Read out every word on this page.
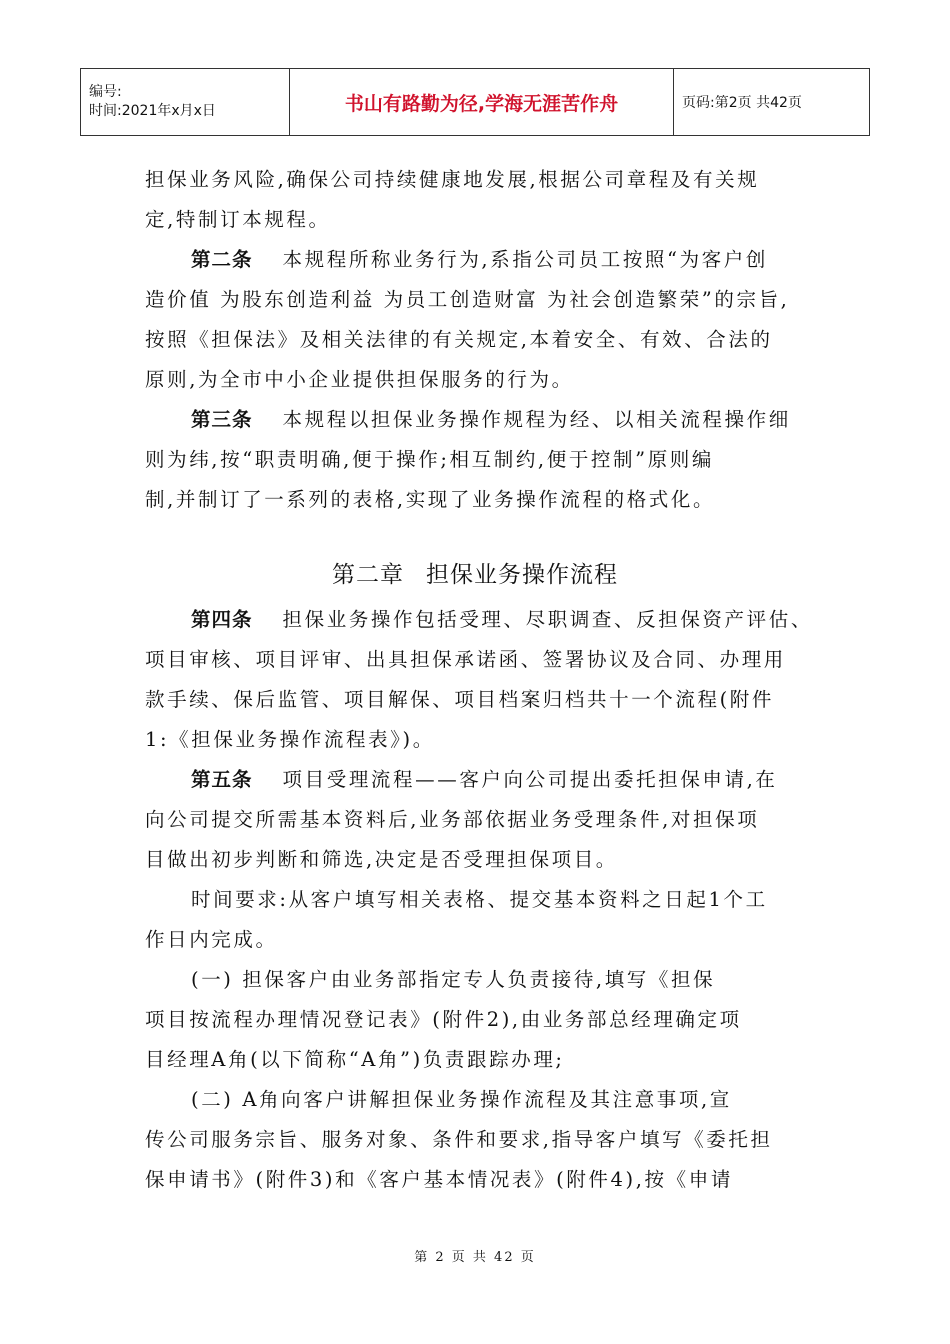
编号:
时间:2021年x月x日	书山有路勤为径,学海无涯苦作舟	页码:第2页 共42页

担保业务风险,确保公司持续健康地发展,根据公司章程及有关规

定,特制订本规程。

第二条 本规程所称业务行为,系指公司员工按照“为客户创

造价值 为股东创造利益 为员工创造财富 为社会创造繁荣”的宗旨,

按照《担保法》及相关法律的有关规定,本着安全、有效、合法的

原则,为全市中小企业提供担保服务的行为。

第三条 本规程以担保业务操作规程为经、以相关流程操作细

则为纬,按“职责明确,便于操作;相互制约,便于控制”原则编

制,并制订了一系列的表格,实现了业务操作流程的格式化。

第二章 担保业务操作流程

第四条 担保业务操作包括受理、尽职调查、反担保资产评估、

项目审核、项目评审、出具担保承诺函、签署协议及合同、办理用

款手续、保后监管、项目解保、项目档案归档共十一个流程(附件

1:《担保业务操作流程表》)。

第五条 项目受理流程——客户向公司提出委托担保申请,在

向公司提交所需基本资料后,业务部依据业务受理条件,对担保项

目做出初步判断和筛选,决定是否受理担保项目。

时间要求:从客户填写相关表格、提交基本资料之日起1个工

作日内完成。

(一) 担保客户由业务部指定专人负责接待,填写《担保

项目按流程办理情况登记表》(附件2),由业务部总经理确定项

目经理A角(以下简称“A角”)负责跟踪办理;

(二) A角向客户讲解担保业务操作流程及其注意事项,宣

传公司服务宗旨、服务对象、条件和要求,指导客户填写《委托担

保申请书》(附件3)和《客户基本情况表》(附件4),按《申请

第 2 页 共 42 页
